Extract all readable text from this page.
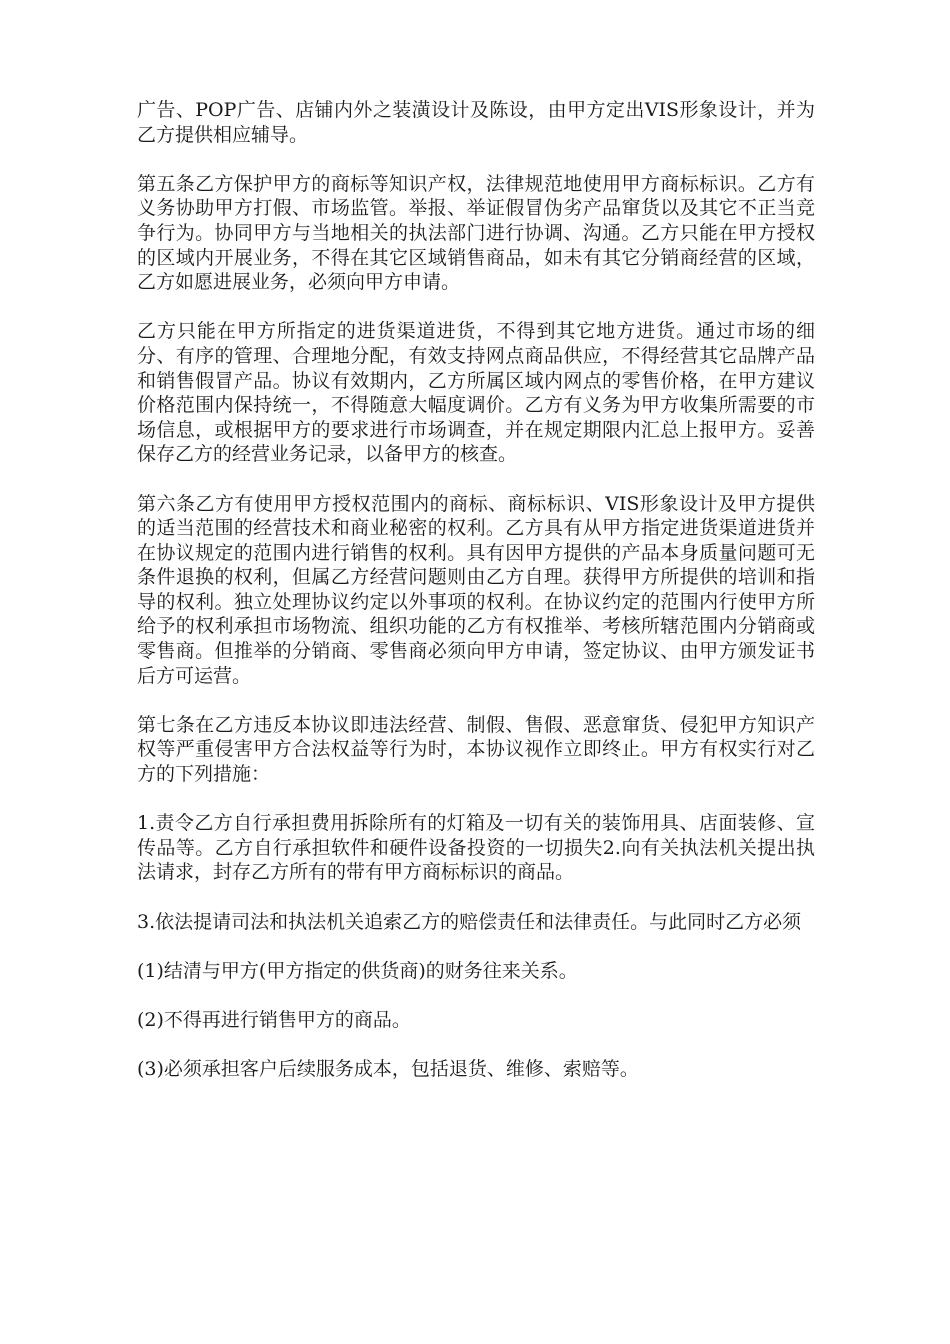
广告、POP广告、店铺内外之装潢设计及陈设，由甲方定出VIS形象设计，并为乙方提供相应辅导。

第五条乙方保护甲方的商标等知识产权，法律规范地使用甲方商标标识。乙方有义务协助甲方打假、市场监管。举报、举证假冒伪劣产品窜货以及其它不正当竞争行为。协同甲方与当地相关的执法部门进行协调、沟通。乙方只能在甲方授权的区域内开展业务，不得在其它区域销售商品，如未有其它分销商经营的区域，乙方如愿进展业务，必须向甲方申请。

乙方只能在甲方所指定的进货渠道进货，不得到其它地方进货。通过市场的细分、有序的管理、合理地分配，有效支持网点商品供应，不得经营其它品牌产品和销售假冒产品。协议有效期内，乙方所属区域内网点的零售价格，在甲方建议价格范围内保持统一，不得随意大幅度调价。乙方有义务为甲方收集所需要的市场信息，或根据甲方的要求进行市场调查，并在规定期限内汇总上报甲方。妥善保存乙方的经营业务记录，以备甲方的核查。

第六条乙方有使用甲方授权范围内的商标、商标标识、VIS形象设计及甲方提供的适当范围的经营技术和商业秘密的权利。乙方具有从甲方指定进货渠道进货并在协议规定的范围内进行销售的权利。具有因甲方提供的产品本身质量问题可无条件退换的权利，但属乙方经营问题则由乙方自理。获得甲方所提供的培训和指导的权利。独立处理协议约定以外事项的权利。在协议约定的范围内行使甲方所给予的权利承担市场物流、组织功能的乙方有权推举、考核所辖范围内分销商或零售商。但推举的分销商、零售商必须向甲方申请，签定协议、由甲方颁发证书后方可运营。

第七条在乙方违反本协议即违法经营、制假、售假、恶意窜货、侵犯甲方知识产权等严重侵害甲方合法权益等行为时，本协议视作立即终止。甲方有权实行对乙方的下列措施：

1.责令乙方自行承担费用拆除所有的灯箱及一切有关的装饰用具、店面装修、宣传品等。乙方自行承担软件和硬件设备投资的一切损失2.向有关执法机关提出执法请求，封存乙方所有的带有甲方商标标识的商品。

3.依法提请司法和执法机关追索乙方的赔偿责任和法律责任。与此同时乙方必须

(1)结清与甲方(甲方指定的供货商)的财务往来关系。

(2)不得再进行销售甲方的商品。

(3)必须承担客户后续服务成本，包括退货、维修、索赔等。
